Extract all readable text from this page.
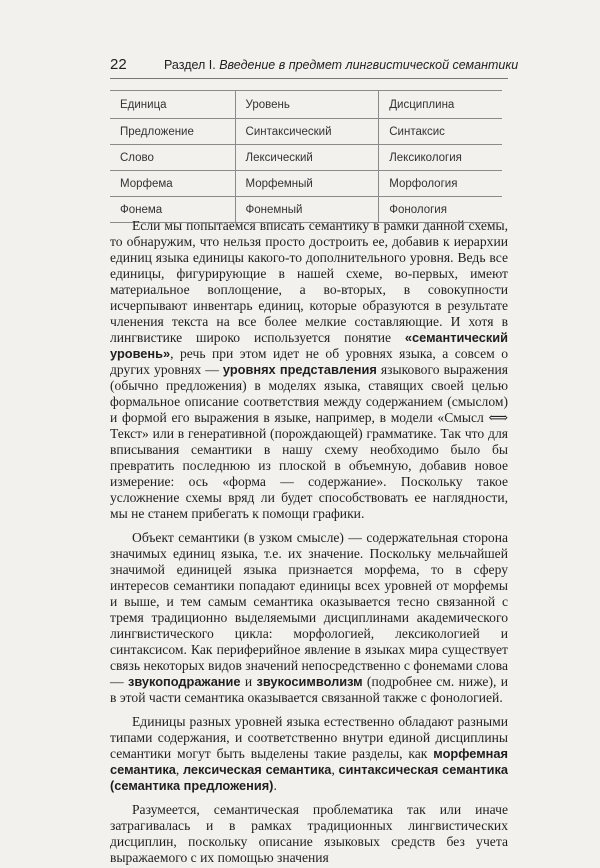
22	Раздел I. Введение в предмет лингвистической семантики
Единица	Уровень	Дисциплина
Предложение	Синтаксический	Синтаксис
Слово	Лексический	Лексикология
Морфема	Морфемный	Морфология
Фонема	Фонемный	Фонология

Если мы попытаемся вписать семантику в рамки данной схемы, то обнаружим, что нельзя просто достроить ее, добавив к иерархии единиц языка единицы какого-то дополнительного уровня. Ведь все единицы, фигурирующие в нашей схеме, во-первых, имеют материальное воплощение, а во-вторых, в совокупности исчерпывают инвентарь единиц, которые образуются в результате членения текста на все более мелкие составляющие. И хотя в лингвистике широко используется понятие «семантический уровень», речь при этом идет не об уровнях языка, а совсем о других уровнях — уровнях представления языкового выражения (обычно предложения) в моделях языка, ставящих своей целью формальное описание соответствия между содержанием (смыслом) и формой его выражения в языке, например, в модели «Смысл ⟺ Текст» или в генеративной (порождающей) грамматике. Так что для вписывания семантики в нашу схему необходимо было бы превратить последнюю из плоской в объемную, добавив новое измерение: ось «форма — содержание». Поскольку такое усложнение схемы вряд ли будет способствовать ее наглядности, мы не станем прибегать к помощи графики.

Объект семантики (в узком смысле) — содержательная сторона значимых единиц языка, т.е. их значение. Поскольку мельчайшей значимой единицей языка признается морфема, то в сферу интересов семантики попадают единицы всех уровней от морфемы и выше, и тем самым семантика оказывается тесно связанной с тремя традиционно выделяемыми дисциплинами академического лингвистического цикла: морфологией, лексикологией и синтаксисом. Как периферийное явление в языках мира существует связь некоторых видов значений непосредственно с фонемами слова — звукоподражание и звукосимволизм (подробнее см. ниже), и в этой части семантика оказывается связанной также с фонологией.

Единицы разных уровней языка естественно обладают разными типами содержания, и соответственно внутри единой дисциплины семантики могут быть выделены такие разделы, как морфемная семантика, лексическая семантика, синтаксическая семантика (семантика предложения).

Разумеется, семантическая проблематика так или иначе затрагивалась и в рамках традиционных лингвистических дисциплин, поскольку описание языковых средств без учета выражаемого с их помощью значения
